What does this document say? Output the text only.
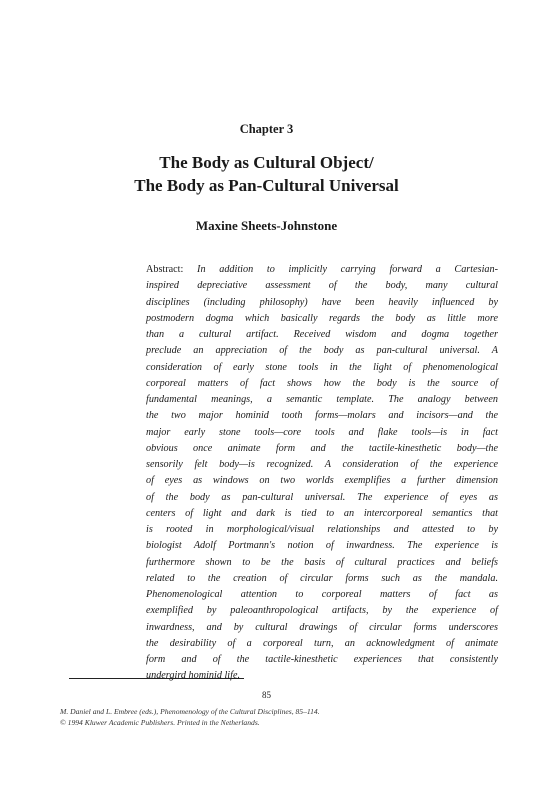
Chapter 3
The Body as Cultural Object/
The Body as Pan-Cultural Universal
Maxine Sheets-Johnstone
Abstract: In addition to implicitly carrying forward a Cartesian-
inspired depreciative assessment of the body, many cultural
disciplines (including philosophy) have been heavily influenced by
postmodern dogma which basically regards the body as little more
than a cultural artifact. Received wisdom and dogma together
preclude an appreciation of the body as pan-cultural universal. A
consideration of early stone tools in the light of phenomenological
corporeal matters of fact shows how the body is the source of
fundamental meanings, a semantic template. The analogy between
the two major hominid tooth forms—molars and incisors—and the
major early stone tools—core tools and flake tools—is in fact
obvious once animate form and the tactile-kinesthetic body—the
sensorily felt body—is recognized. A consideration of the experience
of eyes as windows on two worlds exemplifies a further dimension
of the body as pan-cultural universal. The experience of eyes as
centers of light and dark is tied to an intercorporeal semantics that
is rooted in morphological/visual relationships and attested to by
biologist Adolf Portmann's notion of inwardness. The experience is
furthermore shown to be the basis of cultural practices and beliefs
related to the creation of circular forms such as the mandala.
Phenomenological attention to corporeal matters of fact as
exemplified by paleoanthropological artifacts, by the experience of
inwardness, and by cultural drawings of circular forms underscores
the desirability of a corporeal turn, an acknowledgment of animate
form and of the tactile-kinesthetic experiences that consistently
undergird hominid life.
85
M. Daniel and L. Embree (eds.), Phenomenology of the Cultural Disciplines, 85–114.
© 1994 Kluwer Academic Publishers. Printed in the Netherlands.
